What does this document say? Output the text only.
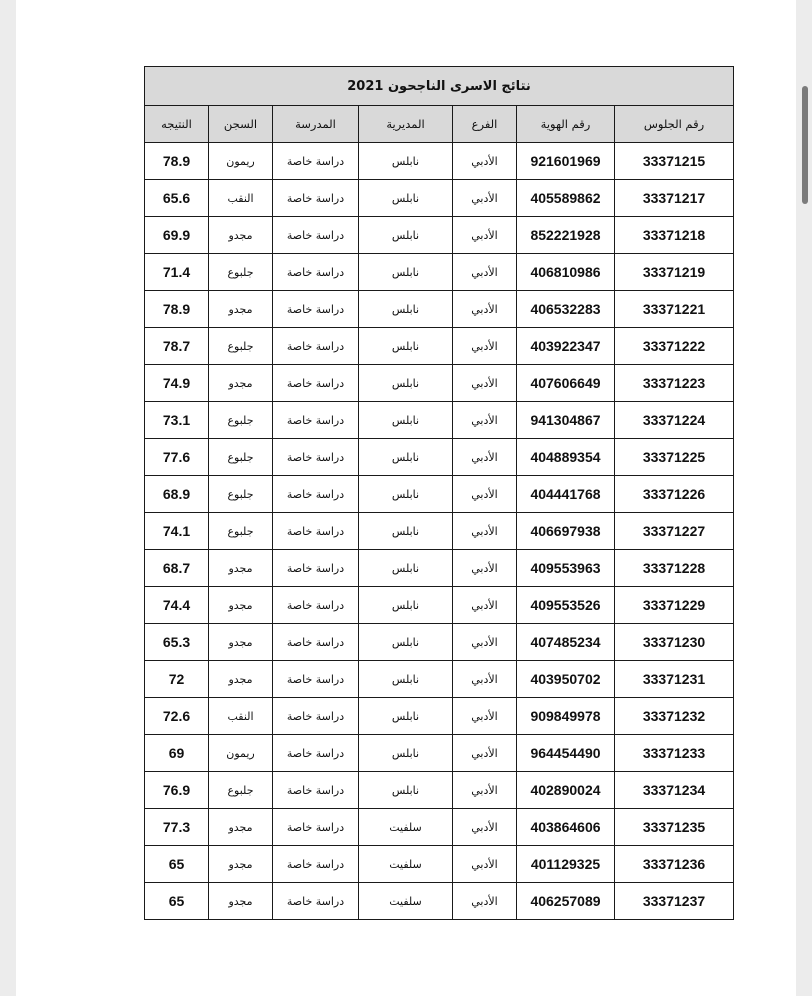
نتائج الاسرى الناجحون 2021						
النتيجه	السجن	المدرسة	المديرية	الفرع	رقم الهوية	رقم الجلوس
78.9	ريمون	دراسة خاصة	نابلس	الأدبي	921601969	33371215
65.6	النقب	دراسة خاصة	نابلس	الأدبي	405589862	33371217
69.9	مجدو	دراسة خاصة	نابلس	الأدبي	852221928	33371218
71.4	جلبوع	دراسة خاصة	نابلس	الأدبي	406810986	33371219
78.9	مجدو	دراسة خاصة	نابلس	الأدبي	406532283	33371221
78.7	جلبوع	دراسة خاصة	نابلس	الأدبي	403922347	33371222
74.9	مجدو	دراسة خاصة	نابلس	الأدبي	407606649	33371223
73.1	جلبوع	دراسة خاصة	نابلس	الأدبي	941304867	33371224
77.6	جلبوع	دراسة خاصة	نابلس	الأدبي	404889354	33371225
68.9	جلبوع	دراسة خاصة	نابلس	الأدبي	404441768	33371226
74.1	جلبوع	دراسة خاصة	نابلس	الأدبي	406697938	33371227
68.7	مجدو	دراسة خاصة	نابلس	الأدبي	409553963	33371228
74.4	مجدو	دراسة خاصة	نابلس	الأدبي	409553526	33371229
65.3	مجدو	دراسة خاصة	نابلس	الأدبي	407485234	33371230
72	مجدو	دراسة خاصة	نابلس	الأدبي	403950702	33371231
72.6	النقب	دراسة خاصة	نابلس	الأدبي	909849978	33371232
69	ريمون	دراسة خاصة	نابلس	الأدبي	964454490	33371233
76.9	جلبوع	دراسة خاصة	نابلس	الأدبي	402890024	33371234
77.3	مجدو	دراسة خاصة	سلفيت	الأدبي	403864606	33371235
65	مجدو	دراسة خاصة	سلفيت	الأدبي	401129325	33371236
65	مجدو	دراسة خاصة	سلفيت	الأدبي	406257089	33371237
